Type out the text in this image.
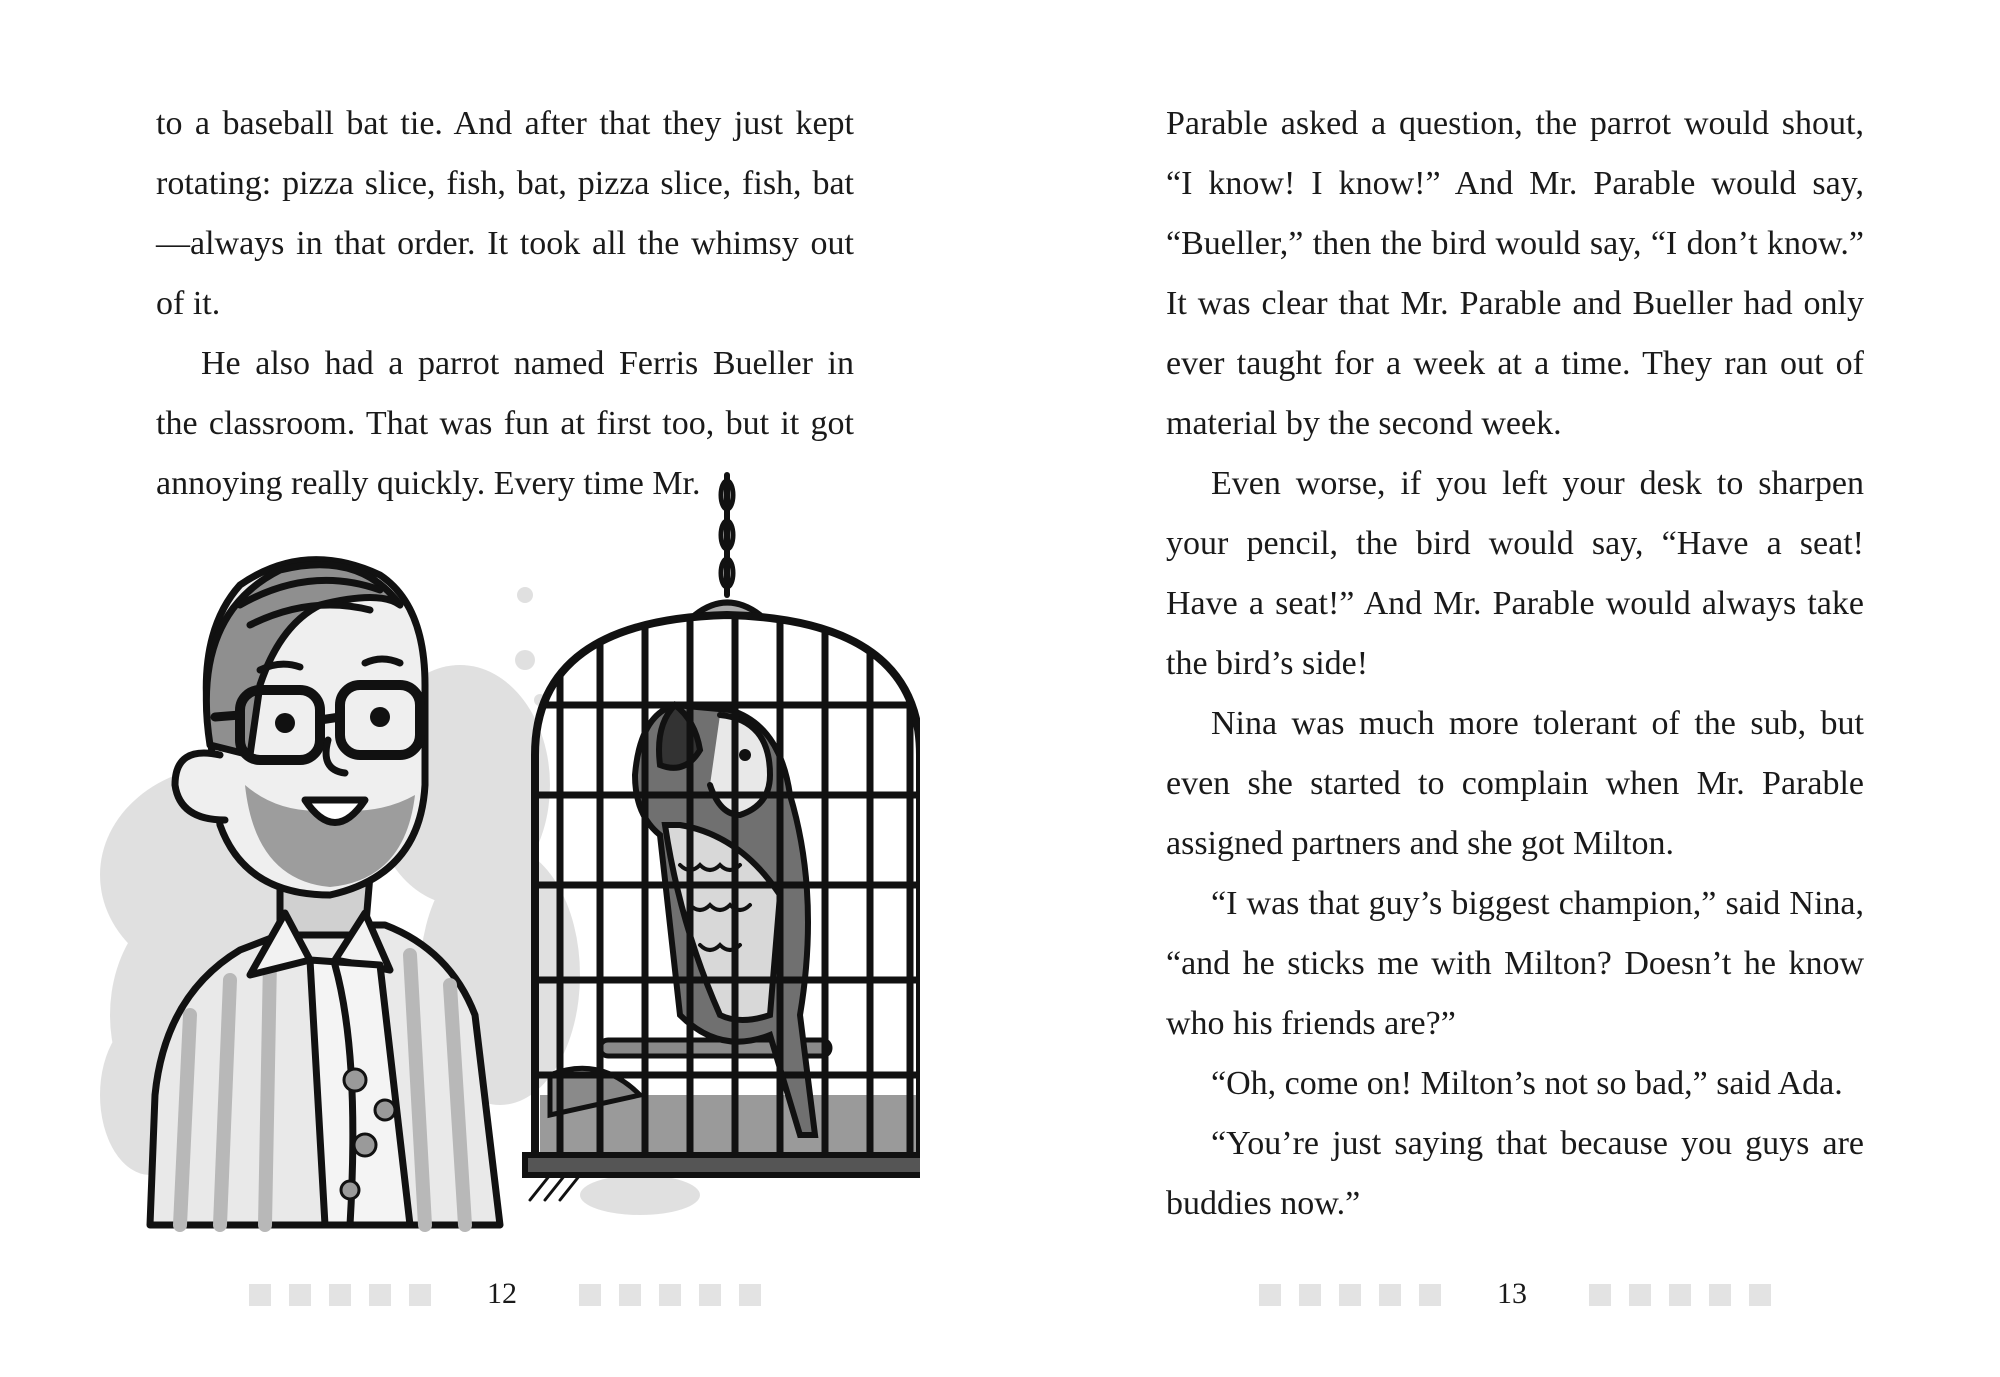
to a baseball bat tie. And after that they just kept rotating: pizza slice, fish, bat, pizza slice, fish, bat—always in that order. It took all the whimsy out of it.

He also had a parrot named Ferris Bueller in the classroom. That was fun at first too, but it got annoying really quickly. Every time Mr.

12

Parable asked a question, the parrot would shout, “I know! I know!” And Mr. Parable would say, “Bueller,” then the bird would say, “I don’t know.” It was clear that Mr. Parable and Bueller had only ever taught for a week at a time. They ran out of material by the second week.

Even worse, if you left your desk to sharpen your pencil, the bird would say, “Have a seat! Have a seat!” And Mr. Parable would always take the bird’s side!

Nina was much more tolerant of the sub, but even she started to complain when Mr. Parable assigned partners and she got Milton.

“I was that guy’s biggest champion,” said Nina, “and he sticks me with Milton? Doesn’t he know who his friends are?”

“Oh, come on! Milton’s not so bad,” said Ada.

“You’re just saying that because you guys are buddies now.”

13
